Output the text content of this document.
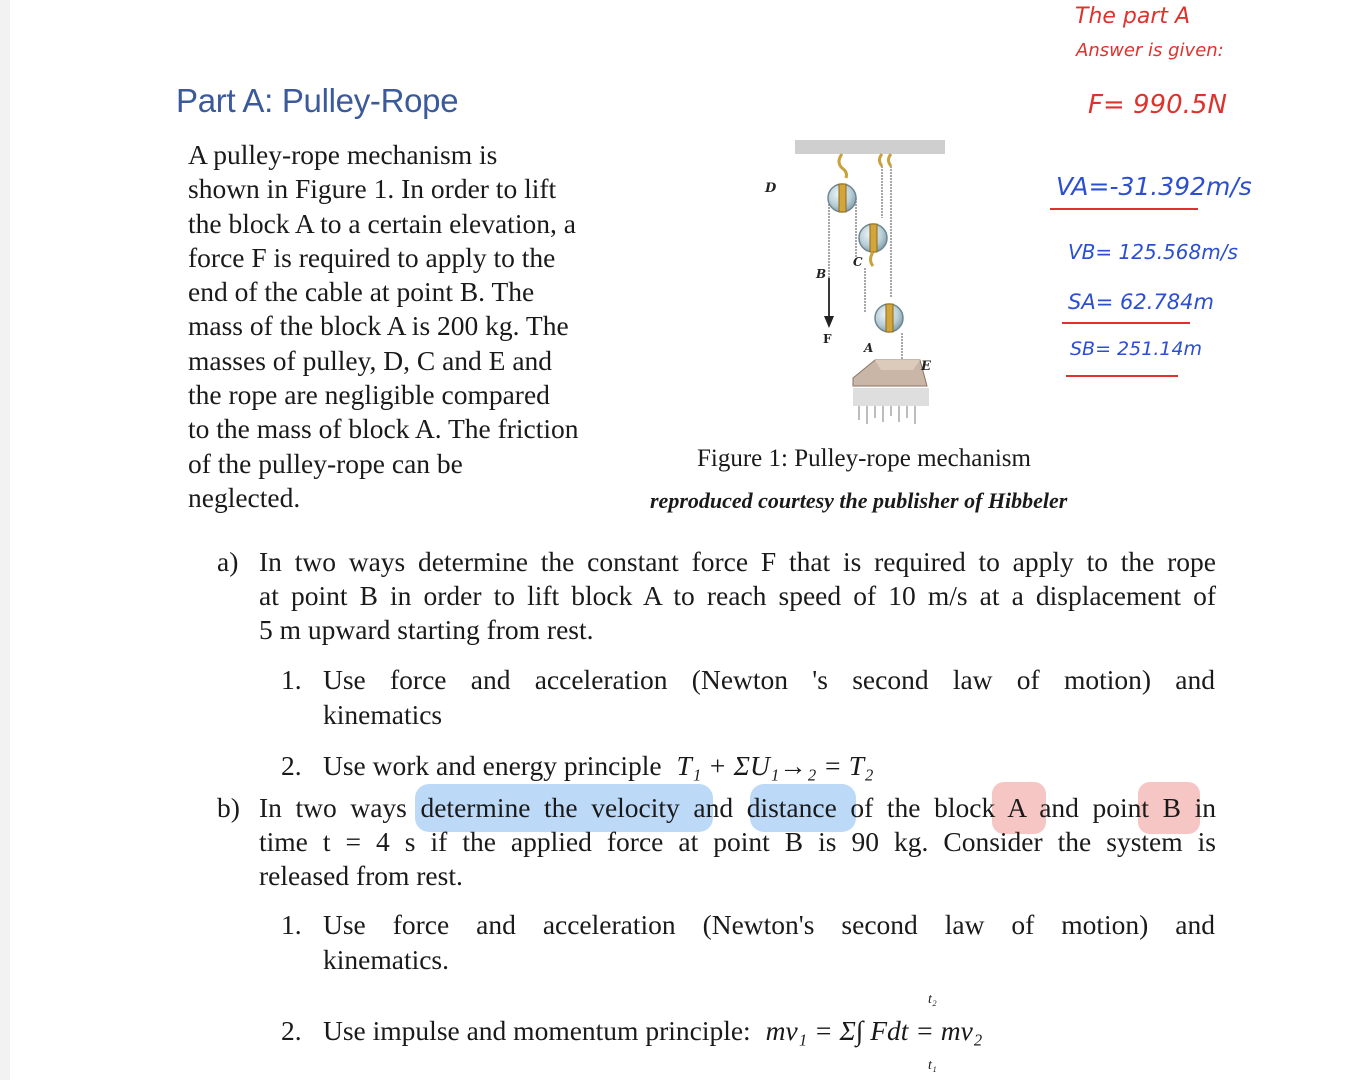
Part A: Pulley-Rope
A pulley-rope mechanism is
shown in Figure 1. In order to lift
the block A to a certain elevation, a
force F is required to apply to the
end of the cable at point B. The
mass of the block A is 200 kg. The
masses of pulley, D, C and E and
the rope are negligible compared
to the mass of block A. The friction
of the pulley-rope can be
neglected.
D
C
B
F
A
E
Figure 1: Pulley-rope mechanism
reproduced courtesy the publisher of Hibbeler
The part A
Answer is given:
F= 990.5N
VA=-31.392m/s
VB= 125.568m/s
SA= 62.784m
SB= 251.14m
a) In two ways determine the constant force F that is required to apply to the rope
at point B in order to lift block A to reach speed of 10 m/s at a displacement of
5 m upward starting from rest.
1. Use force and acceleration (Newton 's second law of motion) and
kinematics
2. Use work and energy principle T₁ + ΣU₁→₂ = T₂
b) In two ways determine the velocity and distance of the block A and point B in
time t = 4 s if the applied force at point B is 90 kg. Consider the system is
released from rest.
1. Use force and acceleration (Newton's second law of motion) and
kinematics.
2. Use impulse and momentum principle: mv₁ = Σ∫ Fdt = mv₂
t₂
t₁
